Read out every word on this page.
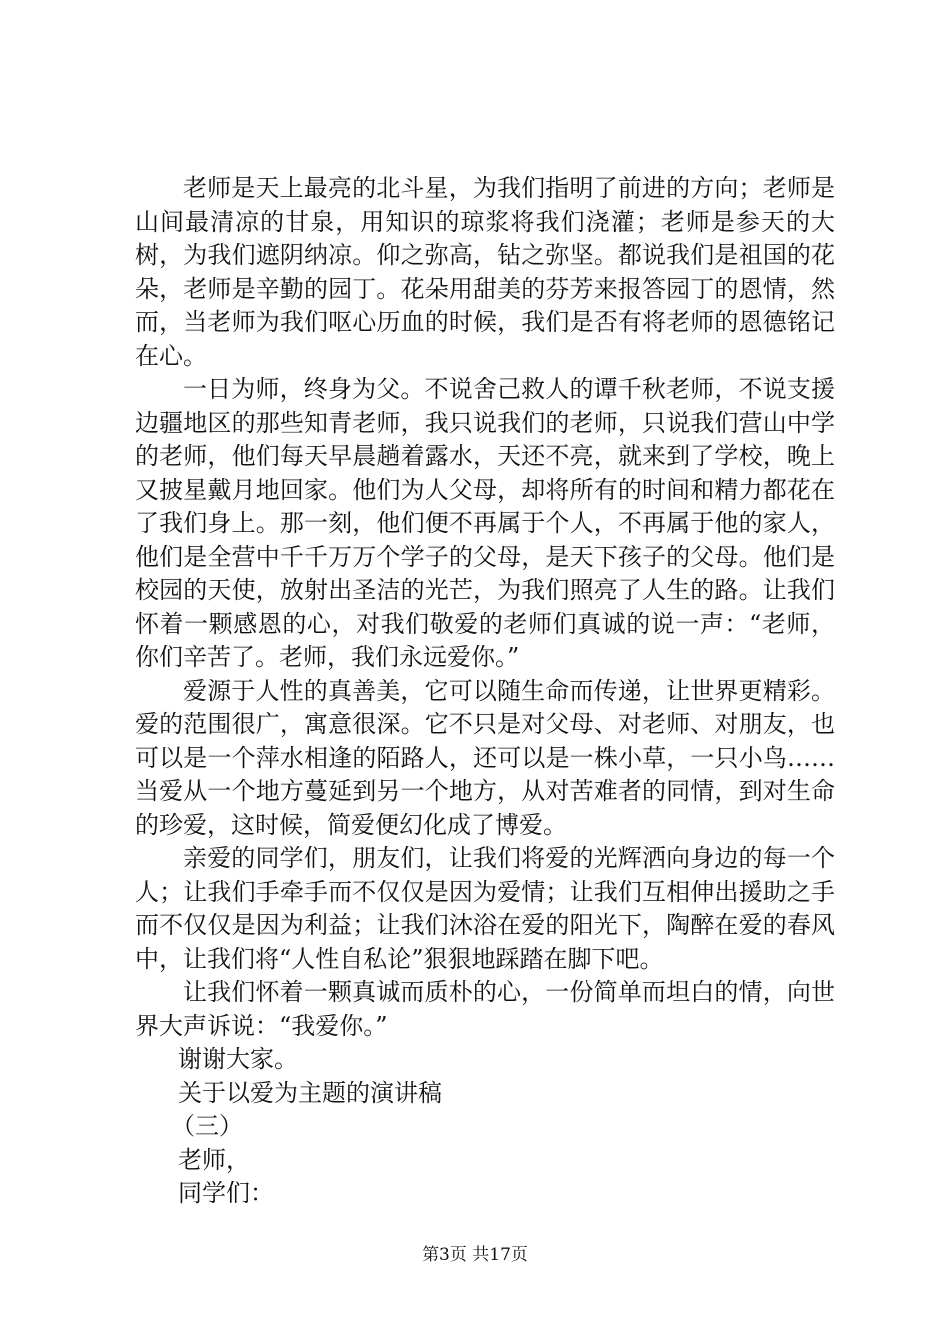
老师是天上最亮的北斗星，为我们指明了前进的方向；老师是山间最清凉的甘泉，用知识的琼浆将我们浇灌；老师是参天的大树，为我们遮阴纳凉。仰之弥高，钻之弥坚。都说我们是祖国的花朵，老师是辛勤的园丁。花朵用甜美的芬芳来报答园丁的恩情，然而，当老师为我们呕心历血的时候，我们是否有将老师的恩德铭记在心。

一日为师，终身为父。不说舍己救人的谭千秋老师，不说支援边疆地区的那些知青老师，我只说我们的老师，只说我们营山中学的老师，他们每天早晨趟着露水，天还不亮，就来到了学校，晚上又披星戴月地回家。他们为人父母，却将所有的时间和精力都花在了我们身上。那一刻，他们便不再属于个人，不再属于他的家人，他们是全营中千千万万个学子的父母，是天下孩子的父母。他们是校园的天使，放射出圣洁的光芒，为我们照亮了人生的路。让我们怀着一颗感恩的心，对我们敬爱的老师们真诚的说一声：“老师，你们辛苦了。老师，我们永远爱你。”

爱源于人性的真善美，它可以随生命而传递，让世界更精彩。爱的范围很广，寓意很深。它不只是对父母、对老师、对朋友，也可以是一个萍水相逢的陌路人，还可以是一株小草，一只小鸟……当爱从一个地方蔓延到另一个地方，从对苦难者的同情，到对生命的珍爱，这时候，简爱便幻化成了博爱。

亲爱的同学们，朋友们，让我们将爱的光辉洒向身边的每一个人；让我们手牵手而不仅仅是因为爱情；让我们互相伸出援助之手而不仅仅是因为利益；让我们沐浴在爱的阳光下，陶醉在爱的春风中，让我们将“人性自私论”狠狠地踩踏在脚下吧。

让我们怀着一颗真诚而质朴的心，一份简单而坦白的情，向世界大声诉说：“我爱你。”

谢谢大家。

关于以爱为主题的演讲稿

（三）

老师，

同学们：

第3页 共17页
